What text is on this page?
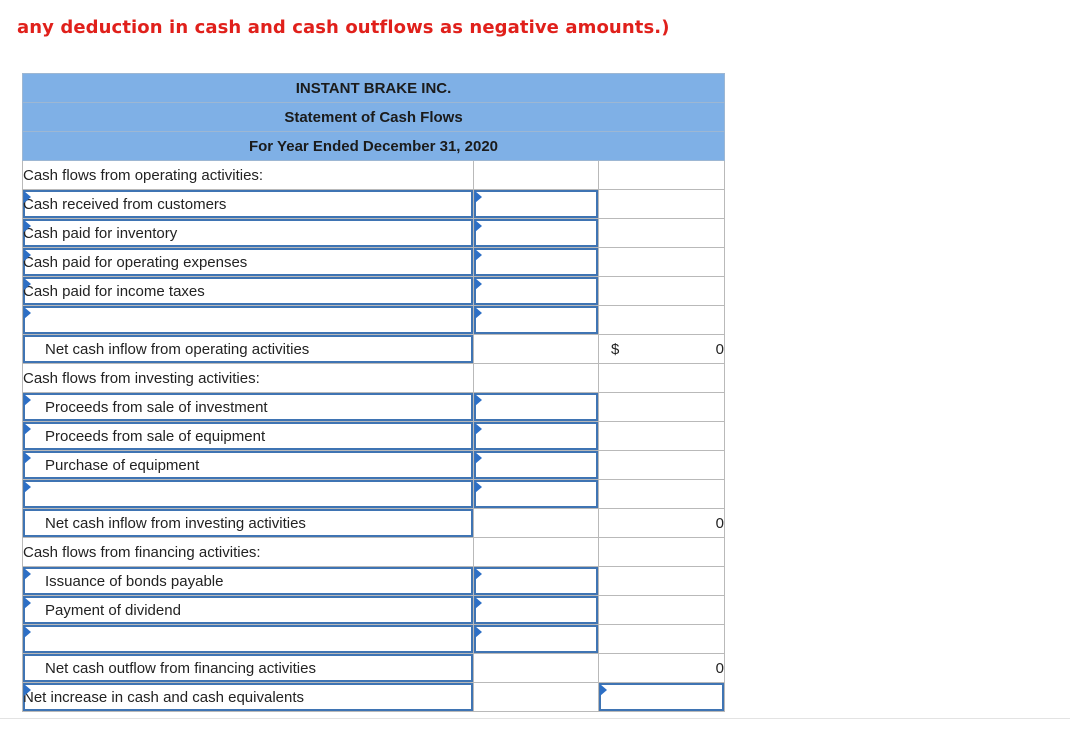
any deduction in cash and cash outflows as negative amounts.)
INSTANT BRAKE INC.		
Statement of Cash Flows		
For Year Ended December 31, 2020		
Cash flows from operating activities:		
Cash received from customers		
Cash paid for inventory		
Cash paid for operating expenses		
Cash paid for income taxes		

Net cash inflow from operating activities		$ 0
Cash flows from investing activities:		
Proceeds from sale of investment		
Proceeds from sale of equipment		
Purchase of equipment		

Net cash inflow from investing activities		0
Cash flows from financing activities:		
Issuance of bonds payable		
Payment of dividend		

Net cash outflow from financing activities		0
Net increase in cash and cash equivalents		
